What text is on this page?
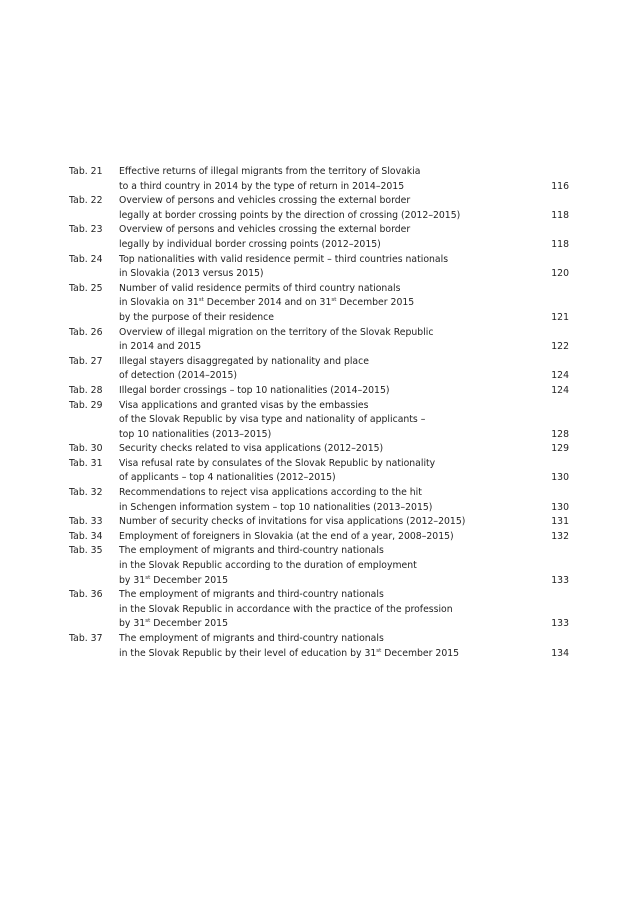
Tab. 21	Effective returns of illegal migrants from the territory of Slovakia
to a third country in 2014 by the type of return in 2014–2015	116
Tab. 22	Overview of persons and vehicles crossing the external border
legally at border crossing points by the direction of crossing (2012–2015)	118
Tab. 23	Overview of persons and vehicles crossing the external border
legally by individual border crossing points (2012–2015)	118
Tab. 24	Top nationalities with valid residence permit – third countries nationals
in Slovakia (2013 versus 2015)	120
Tab. 25	Number of valid residence permits of third country nationals
in Slovakia on 31st December 2014 and on 31st December 2015
by the purpose of their residence	121
Tab. 26	Overview of illegal migration on the territory of the Slovak Republic
in 2014 and 2015	122
Tab. 27	Illegal stayers disaggregated by nationality and place
of detection (2014–2015)	124
Tab. 28	Illegal border crossings – top 10 nationalities (2014–2015)	124
Tab. 29	Visa applications and granted visas by the embassies
of the Slovak Republic by visa type and nationality of applicants –
top 10 nationalities (2013–2015)	128
Tab. 30	Security checks related to visa applications (2012–2015)	129
Tab. 31	Visa refusal rate by consulates of the Slovak Republic by nationality
of applicants – top 4 nationalities (2012–2015)	130
Tab. 32	Recommendations to reject visa applications according to the hit
in Schengen information system – top 10 nationalities (2013–2015)	130
Tab. 33	Number of security checks of invitations for visa applications (2012–2015)	131
Tab. 34	Employment of foreigners in Slovakia (at the end of a year, 2008–2015)	132
Tab. 35	The employment of migrants and third-country nationals
in the Slovak Republic according to the duration of employment
by 31st December 2015	133
Tab. 36	The employment of migrants and third-country nationals
in the Slovak Republic in accordance with the practice of the profession
by 31st December 2015	133
Tab. 37	The employment of migrants and third-country nationals
in the Slovak Republic by their level of education by 31st December 2015	134
